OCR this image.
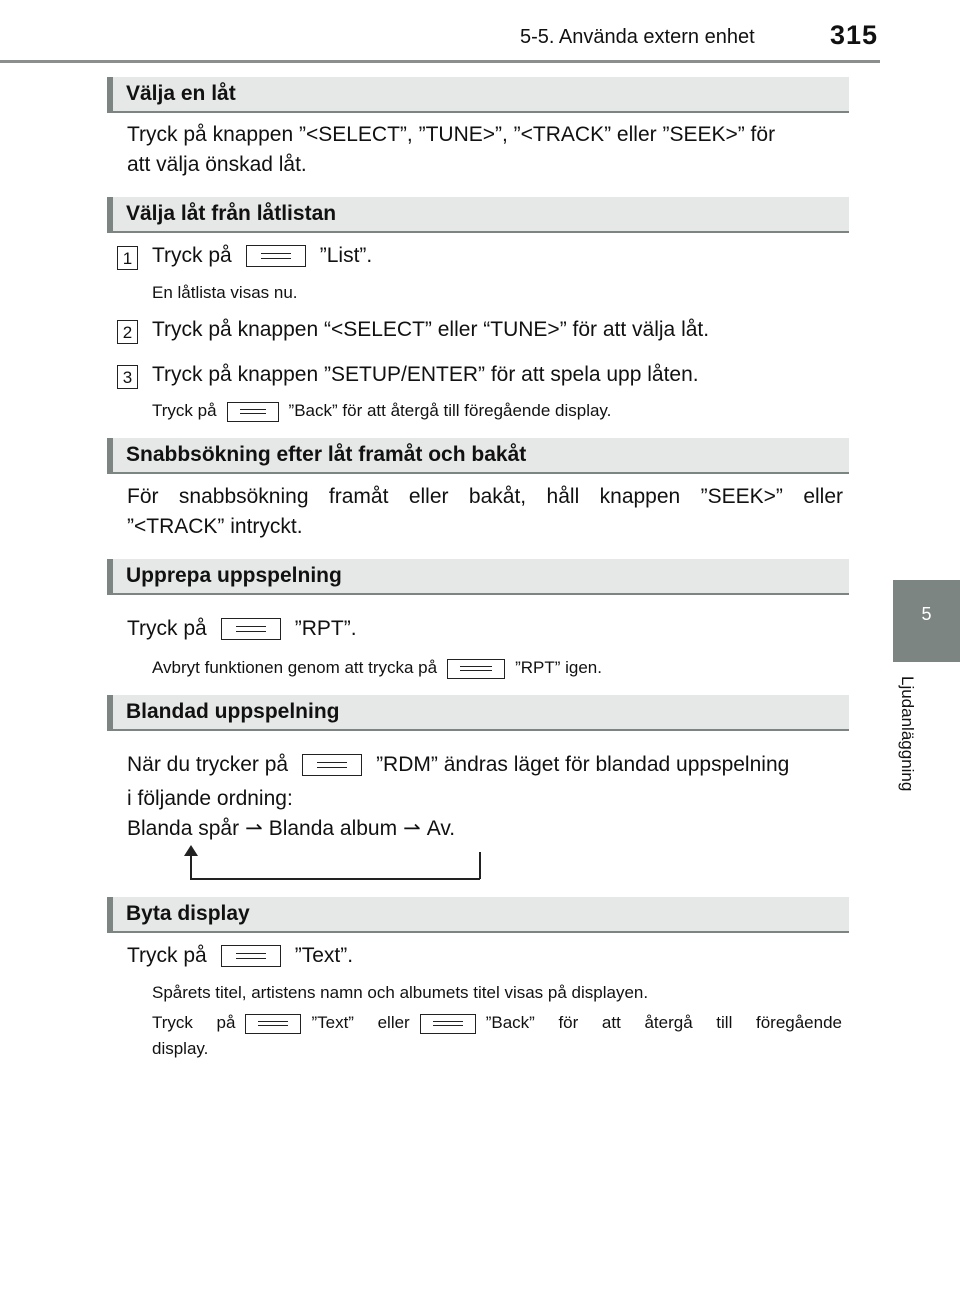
5-5. Använda extern enhet	315
5
Ljudanläggning
Välja en låt
Tryck på knappen ”<SELECT”, ”TUNE>”, ”<TRACK” eller ”SEEK>” för
att välja önskad låt.
Välja låt från låtlistan
1 Tryck på	”List”.
En låtlista visas nu.
2 Tryck på knappen “<SELECT” eller “TUNE>” för att välja låt.
3 Tryck på knappen ”SETUP/ENTER” för att spela upp låten.
Tryck på	”Back” för att återgå till föregående display.
Snabbsökning efter låt framåt och bakåt
För snabbsökning framåt eller bakåt, håll knappen ”SEEK>” eller
”<TRACK” intryckt.
Upprepa uppspelning
Tryck på	”RPT”.
Avbryt funktionen genom att trycka på	”RPT” igen.
Blandad uppspelning
När du trycker på	”RDM” ändras läget för blandad uppspelning
i följande ordning:
Blanda spår ⇀ Blanda album ⇀ Av.
Byta display
Tryck på	”Text”.
Spårets titel, artistens namn och albumets titel visas på displayen.
Tryck på	”Text” eller	”Back” för att återgå till föregående
display.
